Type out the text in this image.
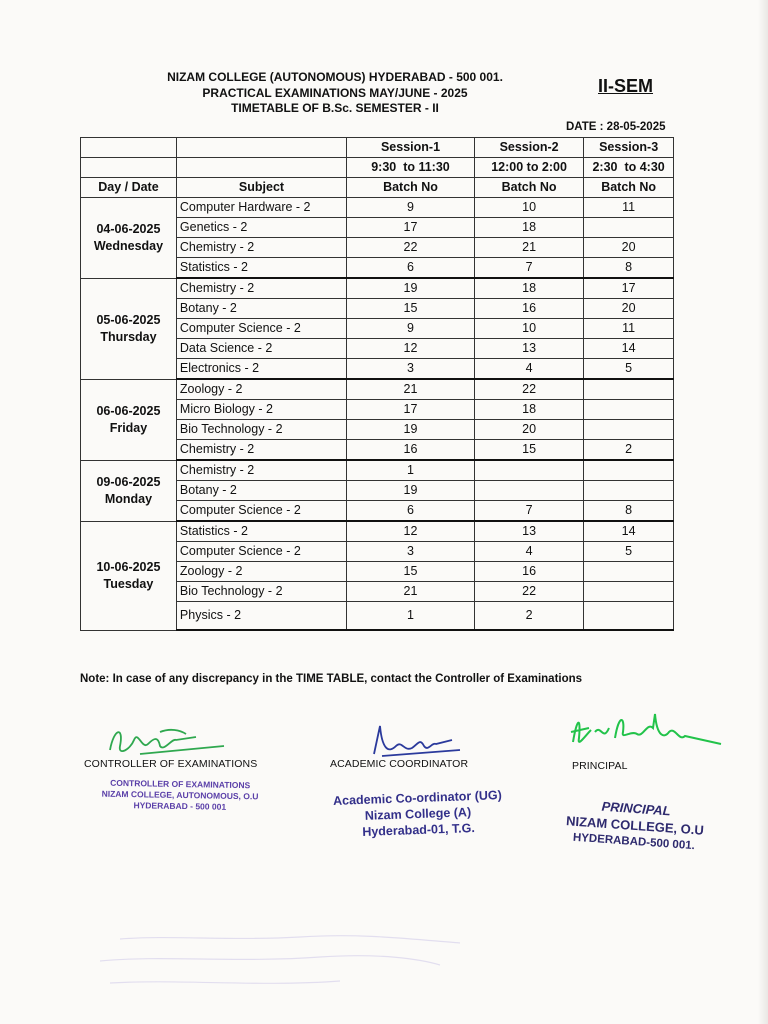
NIZAM COLLEGE (AUTONOMOUS) HYDERABAD - 500 001.
PRACTICAL EXAMINATIONS MAY/JUNE - 2025
TIMETABLE OF B.Sc. SEMESTER - II
II-SEM
DATE : 28-05-2025
		Session-1	Session-2	Session-3
		9:30  to 11:30	12:00 to 2:00	2:30  to 4:30
Day / Date	Subject	Batch No	Batch No	Batch No

04-06-2025
Wednesday	Computer Hardware - 2	9	10	11
	Genetics - 2	17	18	
	Chemistry - 2	22	21	20
	Statistics - 2	6	7	8

05-06-2025
Thursday	Chemistry - 2	19	18	17
	Botany - 2	15	16	20
	Computer Science - 2	9	10	11
	Data Science - 2	12	13	14
	Electronics - 2	3	4	5

06-06-2025
Friday	Zoology - 2	21	22	
	Micro Biology - 2	17	18	
	Bio Technology - 2	19	20	
	Chemistry - 2	16	15	2

09-06-2025
Monday	Chemistry - 2	1		
	Botany - 2	19		
	Computer Science - 2	6	7	8

10-06-2025
Tuesday	Statistics - 2	12	13	14
	Computer Science - 2	3	4	5
	Zoology - 2	15	16	
	Bio Technology - 2	21	22	
	Physics - 2	1	2	
Note: In case of any discrepancy in the TIME TABLE, contact the Controller of Examinations
CONTROLLER OF EXAMINATIONS	ACADEMIC COORDINATOR	PRINCIPAL
CONTROLLER OF EXAMINATIONS
NIZAM COLLEGE, AUTONOMOUS, O.U
HYDERABAD - 500 001	Academic Co-ordinator (UG)
Nizam College (A)
Hyderabad-01, T.G.
PRINCIPAL
NIZAM COLLEGE, O.U
HYDERABAD-500 001.
